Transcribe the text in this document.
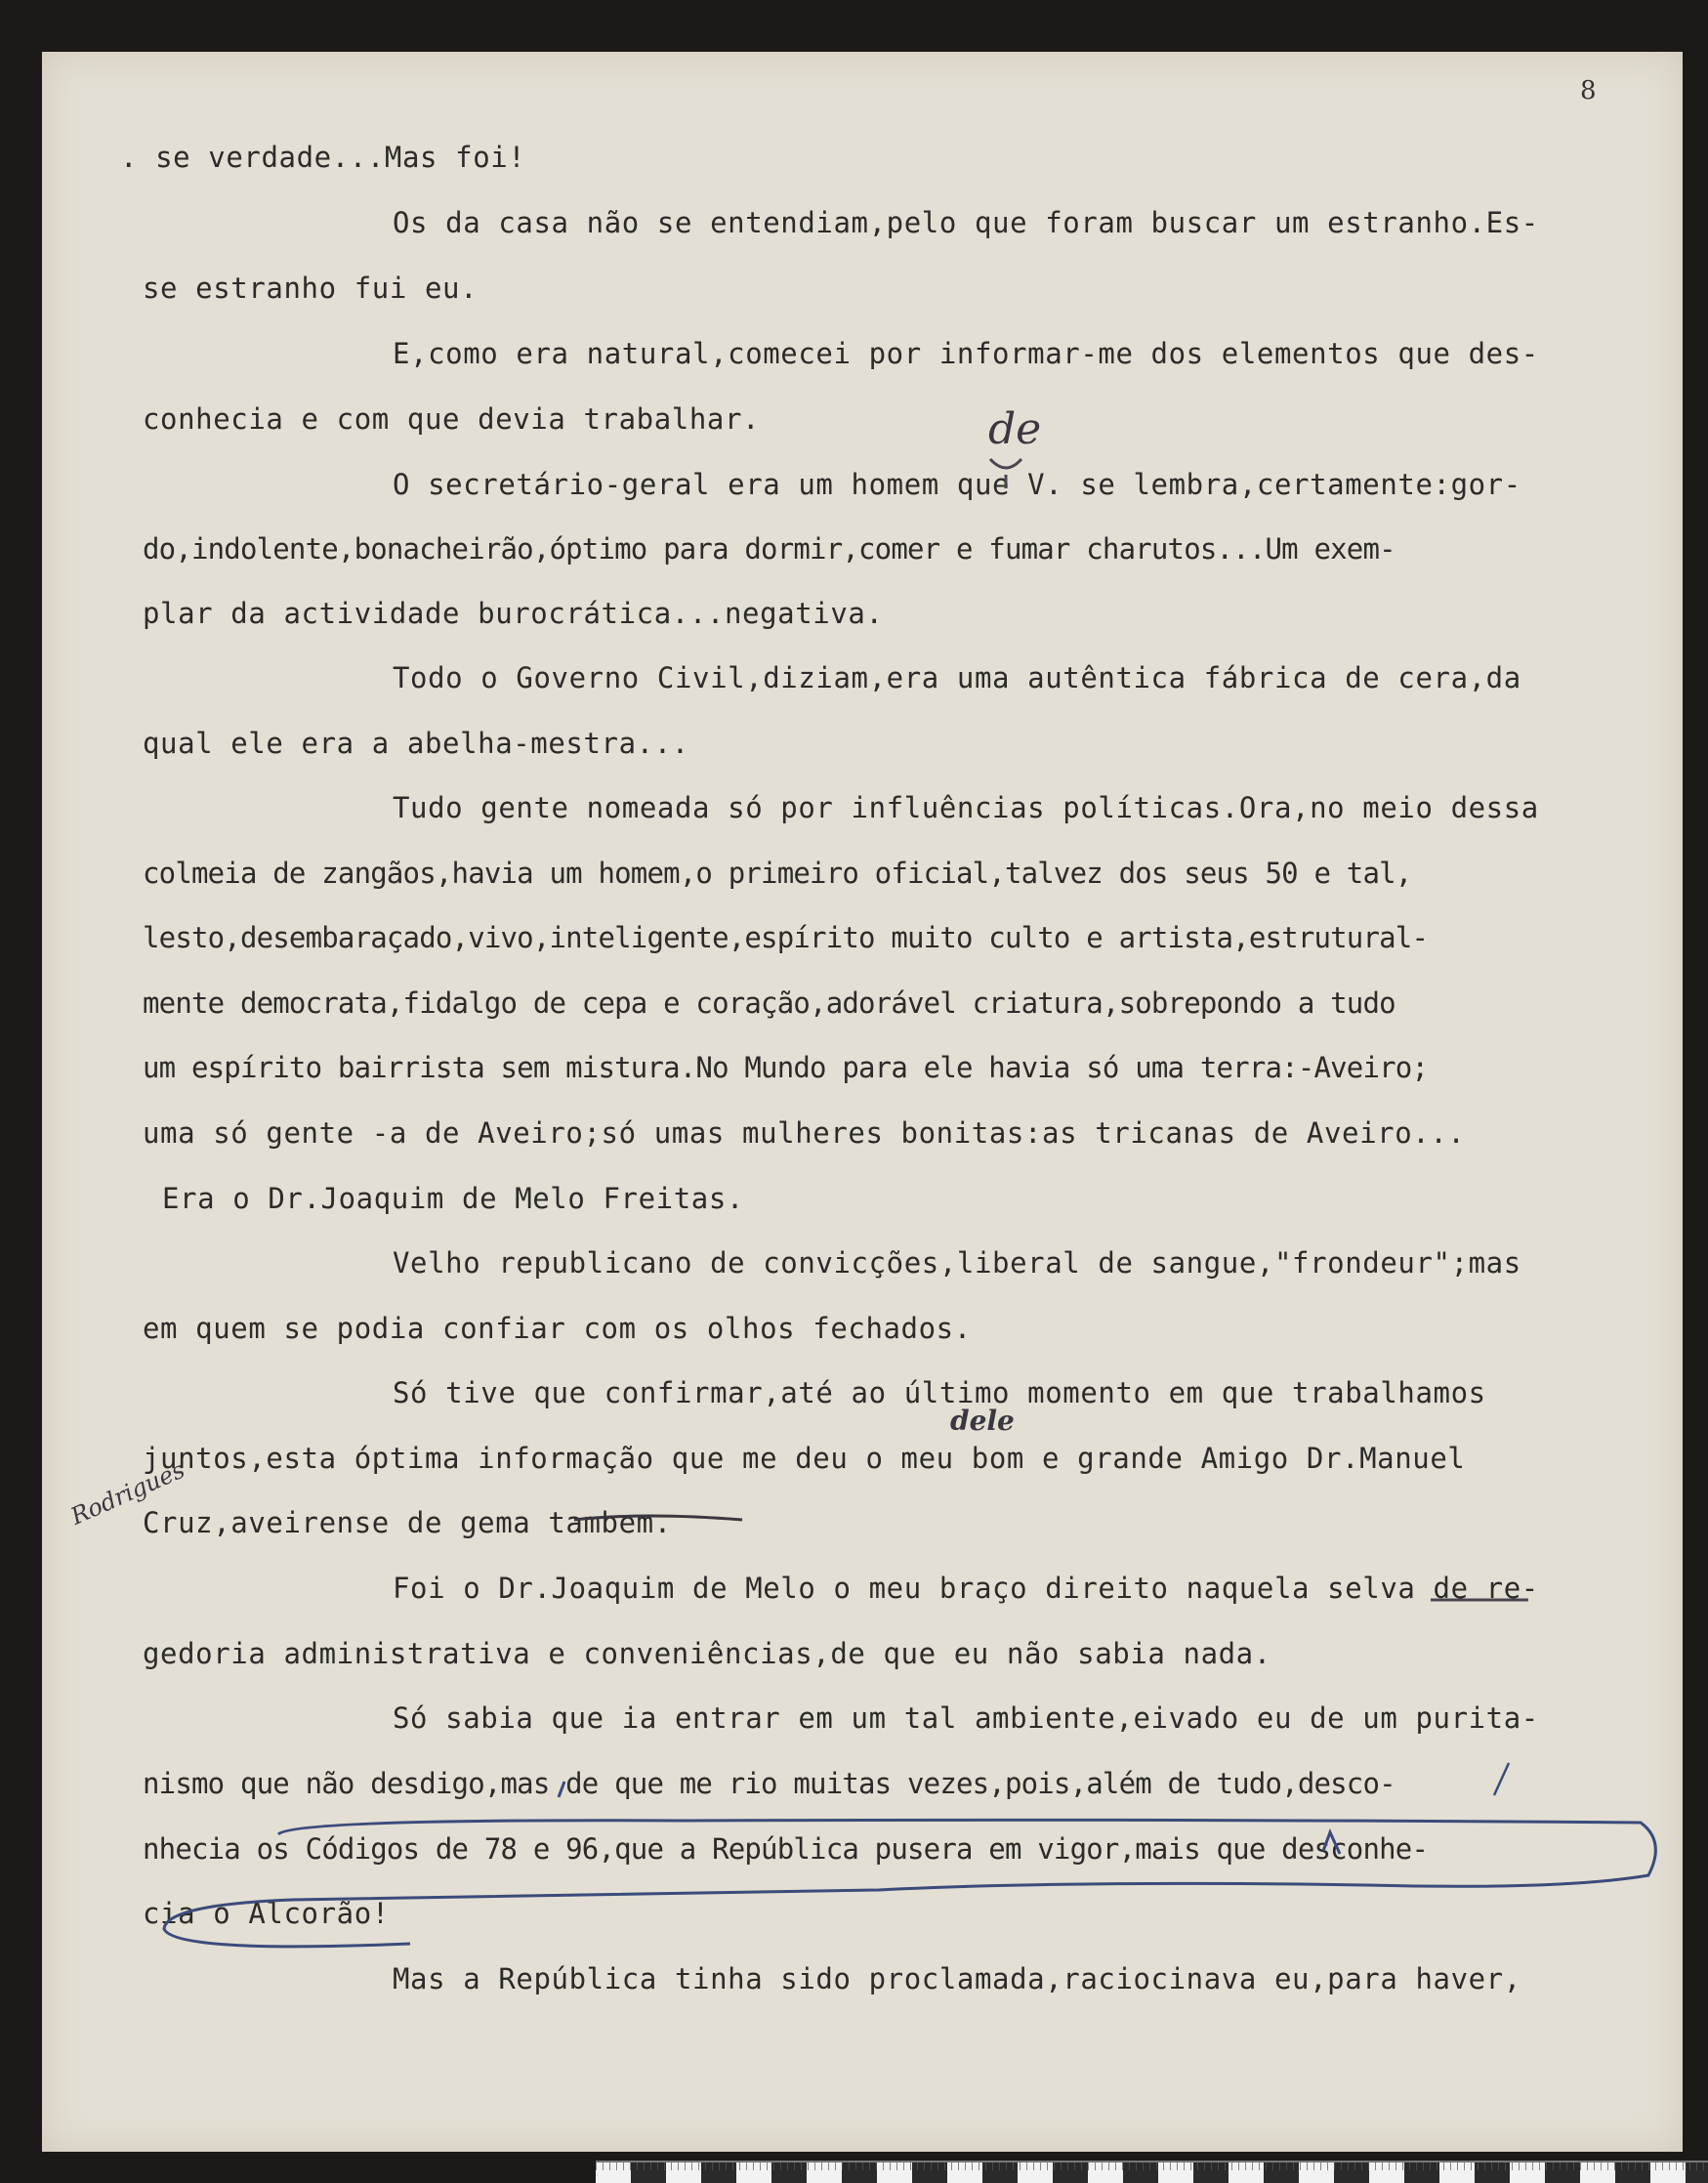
8
. se verdade...Mas foi!
Os da casa não se entendiam,pelo que foram buscar um estranho.Es-
se estranho fui eu.
E,como era natural,comecei por informar-me dos elementos que des-
conhecia e com que devia trabalhar.
O secretário-geral era um homem que V. se lembra,certamente:gor-
do,indolente,bonacheirão,óptimo para dormir,comer e fumar charutos...Um exem-
plar da actividade burocrática...negativa.
Todo o Governo Civil,diziam,era uma autêntica fábrica de cera,da
qual ele era a abelha-mestra...
Tudo gente nomeada só por influências políticas.Ora,no meio dessa
colmeia de zangãos,havia um homem,o primeiro oficial,talvez dos seus 50 e tal,
lesto,desembaraçado,vivo,inteligente,espírito muito culto e artista,estrutural-
mente democrata,fidalgo de cepa e coração,adorável criatura,sobrepondo a tudo
um espírito bairrista sem mistura.No Mundo para ele havia só uma terra:-Aveiro;
uma só gente -a de Aveiro;só umas mulheres bonitas:as tricanas de Aveiro...
Era o Dr.Joaquim de Melo Freitas.
Velho republicano de convicções,liberal de sangue,"frondeur";mas
em quem se podia confiar com os olhos fechados.
Só tive que confirmar,até ao último momento em que trabalhamos
juntos,esta óptima informação que me deu o meu bom e grande Amigo Dr.Manuel
Cruz,aveirense de gema tambem.
Foi o Dr.Joaquim de Melo o meu braço direito naquela selva de re-
gedoria administrativa e conveniências,de que eu não sabia nada.
Só sabia que ia entrar em um tal ambiente,eivado eu de um purita-
nismo que não desdigo,mas de que me rio muitas vezes,pois,além de tudo,desco-
nhecia os Códigos de 78 e 96,que a República pusera em vigor,mais que desconhe-
cia o Alcorão!
Mas a República tinha sido proclamada,raciocinava eu,para haver,
de
dele
Rodrigues
